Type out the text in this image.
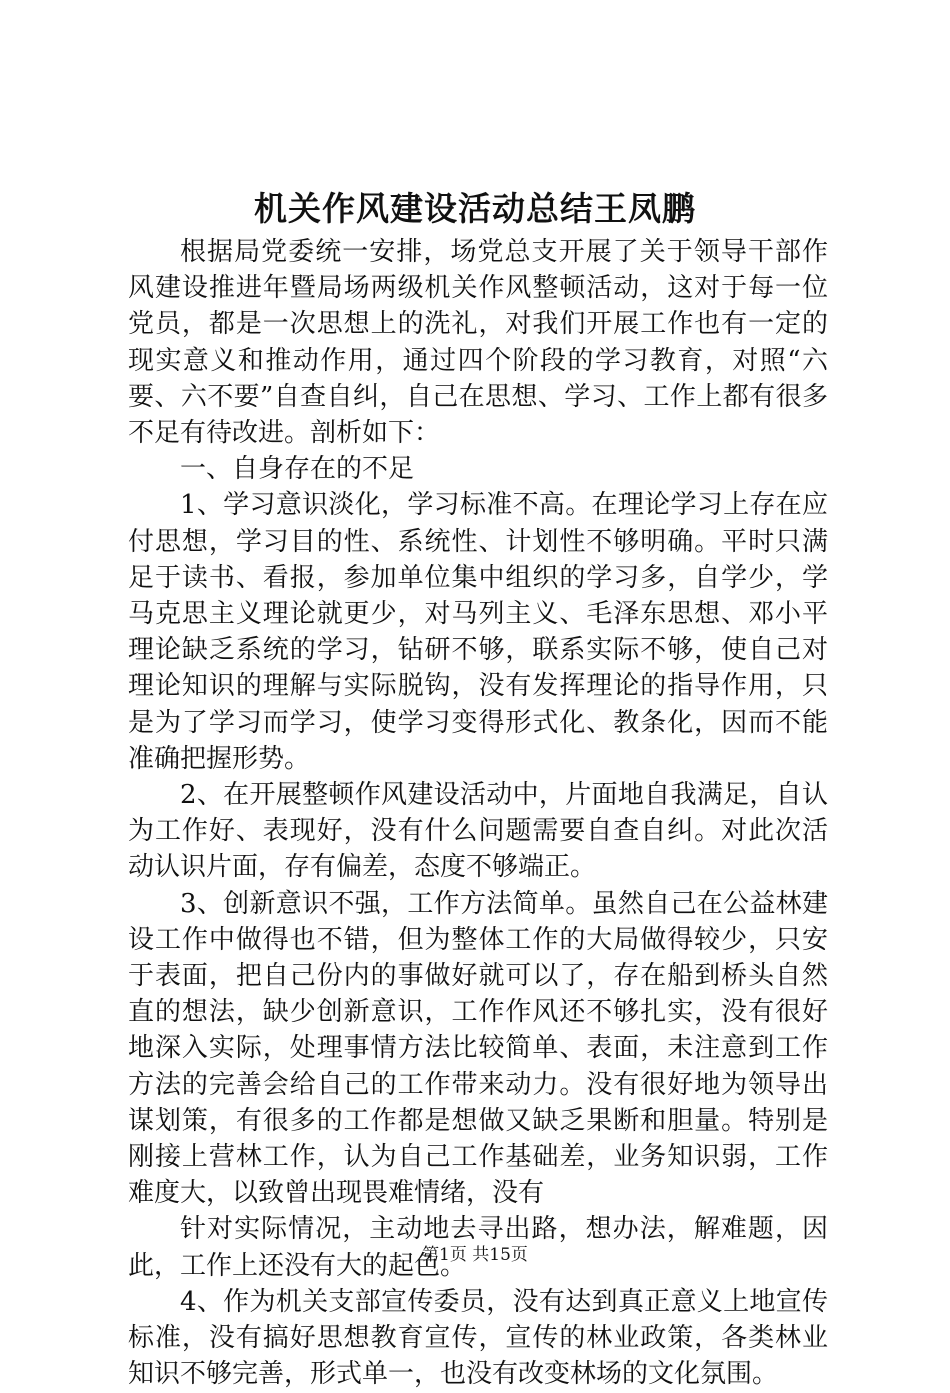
机关作风建设活动总结王凤鹏

根据局党委统一安排，场党总支开展了关于领导干部作风建设推进年暨局场两级机关作风整顿活动，这对于每一位党员，都是一次思想上的洗礼，对我们开展工作也有一定的现实意义和推动作用，通过四个阶段的学习教育，对照“六要、六不要”自查自纠，自己在思想、学习、工作上都有很多不足有待改进。剖析如下：

一、自身存在的不足

1、学习意识淡化，学习标准不高。在理论学习上存在应付思想，学习目的性、系统性、计划性不够明确。平时只满足于读书、看报，参加单位集中组织的学习多，自学少，学马克思主义理论就更少，对马列主义、毛泽东思想、邓小平理论缺乏系统的学习，钻研不够，联系实际不够，使自己对理论知识的理解与实际脱钩，没有发挥理论的指导作用，只是为了学习而学习，使学习变得形式化、教条化，因而不能准确把握形势。

2、在开展整顿作风建设活动中，片面地自我满足，自认为工作好、表现好，没有什么问题需要自查自纠。对此次活动认识片面，存有偏差，态度不够端正。

3、创新意识不强，工作方法简单。虽然自己在公益林建设工作中做得也不错，但为整体工作的大局做得较少，只安于表面，把自己份内的事做好就可以了，存在船到桥头自然直的想法，缺少创新意识，工作作风还不够扎实，没有很好地深入实际，处理事情方法比较简单、表面，未注意到工作方法的完善会给自己的工作带来动力。没有很好地为领导出谋划策，有很多的工作都是想做又缺乏果断和胆量。特别是刚接上营林工作，认为自己工作基础差，业务知识弱，工作难度大，以致曾出现畏难情绪，没有

针对实际情况，主动地去寻出路，想办法，解难题，因此，工作上还没有大的起色。

4、作为机关支部宣传委员，没有达到真正意义上地宣传标准，没有搞好思想教育宣传，宣传的林业政策，各类林业知识不够完善，形式单一，也没有改变林场的文化氛围。

第1页 共15页
